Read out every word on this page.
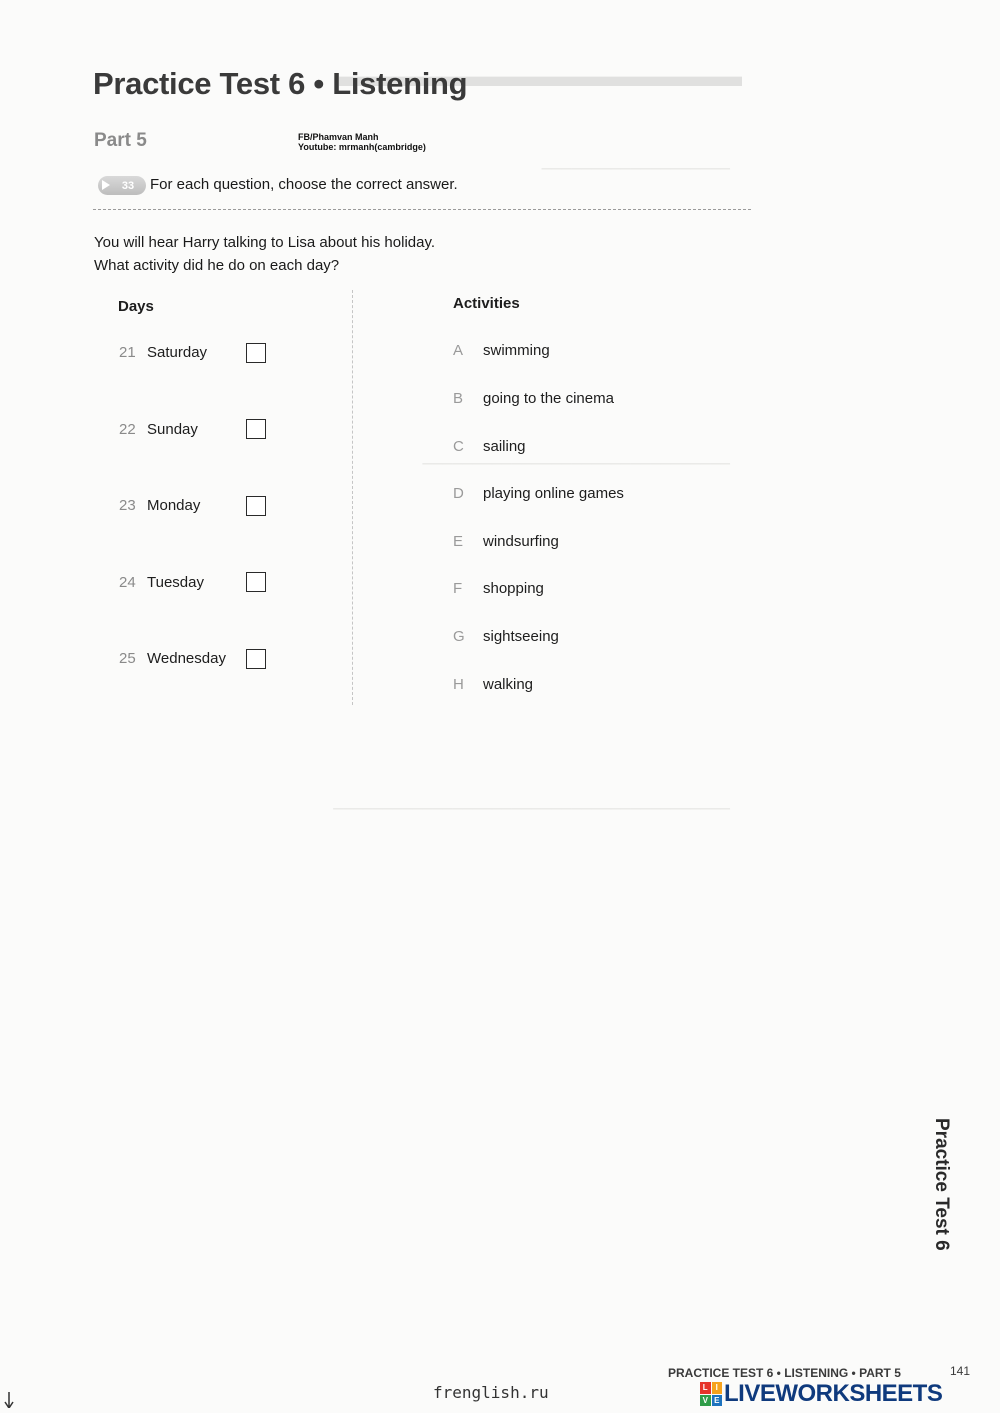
▬▬▬▬▬▬▬▬▬▬▬▬▬
───────────────────
───────────────────────────────
────────────────────────────────────────
Practice Test 6 • Listening
Part 5	FB/Phamvan Manh
Youtube: mrmanh(cambridge)
33 For each question, choose the correct answer.
You will hear Harry talking to Lisa about his holiday.
What activity did he do on each day?
Days	Activities
21 Saturday
22 Sunday
23 Monday
24 Tuesday
25 Wednesday
A	swimming
B	going to the cinema
C	sailing
D	playing online games
E	windsurfing
F	shopping
G	sightseeing
H	walking
Practice Test 6
PRACTICE TEST 6 • LISTENING • PART 5	141
frenglish.ru	L I
V E LIVEWORKSHEETS
